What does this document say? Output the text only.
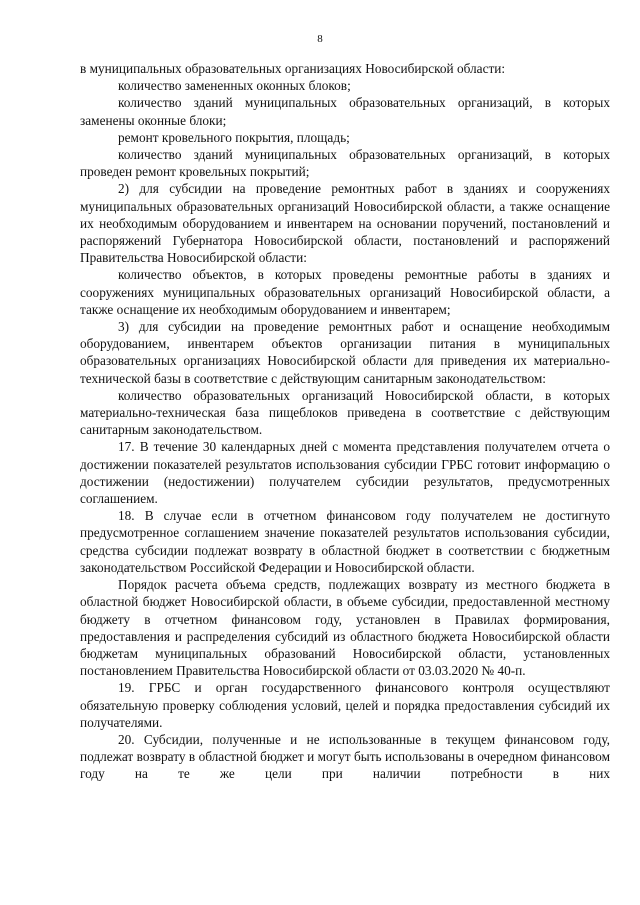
8

в муниципальных образовательных организациях Новосибирской области:

количество замененных оконных блоков;

количество зданий муниципальных образовательных организаций, в которых заменены оконные блоки;

ремонт кровельного покрытия, площадь;

количество зданий муниципальных образовательных организаций, в которых проведен ремонт кровельных покрытий;

2) для субсидии на проведение ремонтных работ в зданиях и сооружениях муниципальных образовательных организаций Новосибирской области, а также оснащение их необходимым оборудованием и инвентарем на основании поручений, постановлений и распоряжений Губернатора Новосибирской области, постановлений и распоряжений Правительства Новосибирской области:

количество объектов, в которых проведены ремонтные работы в зданиях и сооружениях муниципальных образовательных организаций Новосибирской области, а также оснащение их необходимым оборудованием и инвентарем;

3) для субсидии на проведение ремонтных работ и оснащение необходимым оборудованием, инвентарем объектов организации питания в муниципальных образовательных организациях Новосибирской области для приведения их материально-технической базы в соответствие с действующим санитарным законодательством:

количество образовательных организаций Новосибирской области, в которых материально-техническая база пищеблоков приведена в соответствие с действующим санитарным законодательством.

17. В течение 30 календарных дней с момента представления получателем отчета о достижении показателей результатов использования субсидии ГРБС готовит информацию о достижении (недостижении) получателем субсидии результатов, предусмотренных соглашением.

18. В случае если в отчетном финансовом году получателем не достигнуто предусмотренное соглашением значение показателей результатов использования субсидии, средства субсидии подлежат возврату в областной бюджет в соответствии с бюджетным законодательством Российской Федерации и Новосибирской области.

Порядок расчета объема средств, подлежащих возврату из местного бюджета в областной бюджет Новосибирской области, в объеме субсидии, предоставленной местному бюджету в отчетном финансовом году, установлен в Правилах формирования, предоставления и распределения субсидий из областного бюджета Новосибирской области бюджетам муниципальных образований Новосибирской области, установленных постановлением Правительства Новосибирской области от 03.03.2020 № 40-п.

19. ГРБС и орган государственного финансового контроля осуществляют обязательную проверку соблюдения условий, целей и порядка предоставления субсидий их получателями.

20. Субсидии, полученные и не использованные в текущем финансовом году, подлежат возврату в областной бюджет и могут быть использованы в очередном финансовом году на те же цели при наличии потребности в них
